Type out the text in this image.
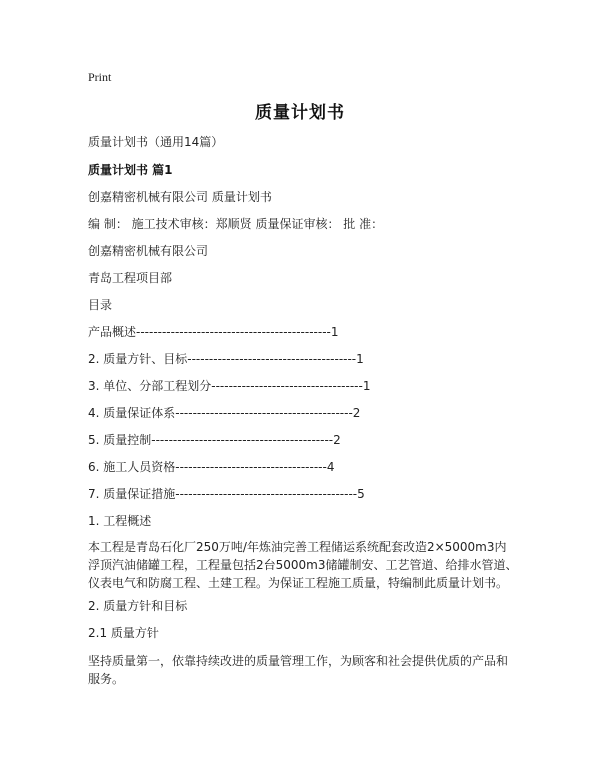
Print
质量计划书
质量计划书（通用14篇）
质量计划书 篇1
创嘉精密机械有限公司 质量计划书
编 制： 施工技术审核：郑顺贤 质量保证审核： 批 准：
创嘉精密机械有限公司
青岛工程项目部
目录
产品概述---------------------------------------------1
2. 质量方针、目标---------------------------------------1
3. 单位、分部工程划分-----------------------------------1
4. 质量保证体系-----------------------------------------2
5. 质量控制------------------------------------------2
6. 施工人员资格-----------------------------------4
7. 质量保证措施------------------------------------------5
1. 工程概述
本工程是青岛石化厂250万吨/年炼油完善工程储运系统配套改造2×5000m3内浮顶汽油储罐工程，工程量包括2台5000m3储罐制安、工艺管道、给排水管道、仪表电气和防腐工程、土建工程。为保证工程施工质量，特编制此质量计划书。
2. 质量方针和目标
2.1 质量方针
坚持质量第一，依靠持续改进的质量管理工作，为顾客和社会提供优质的产品和服务。
